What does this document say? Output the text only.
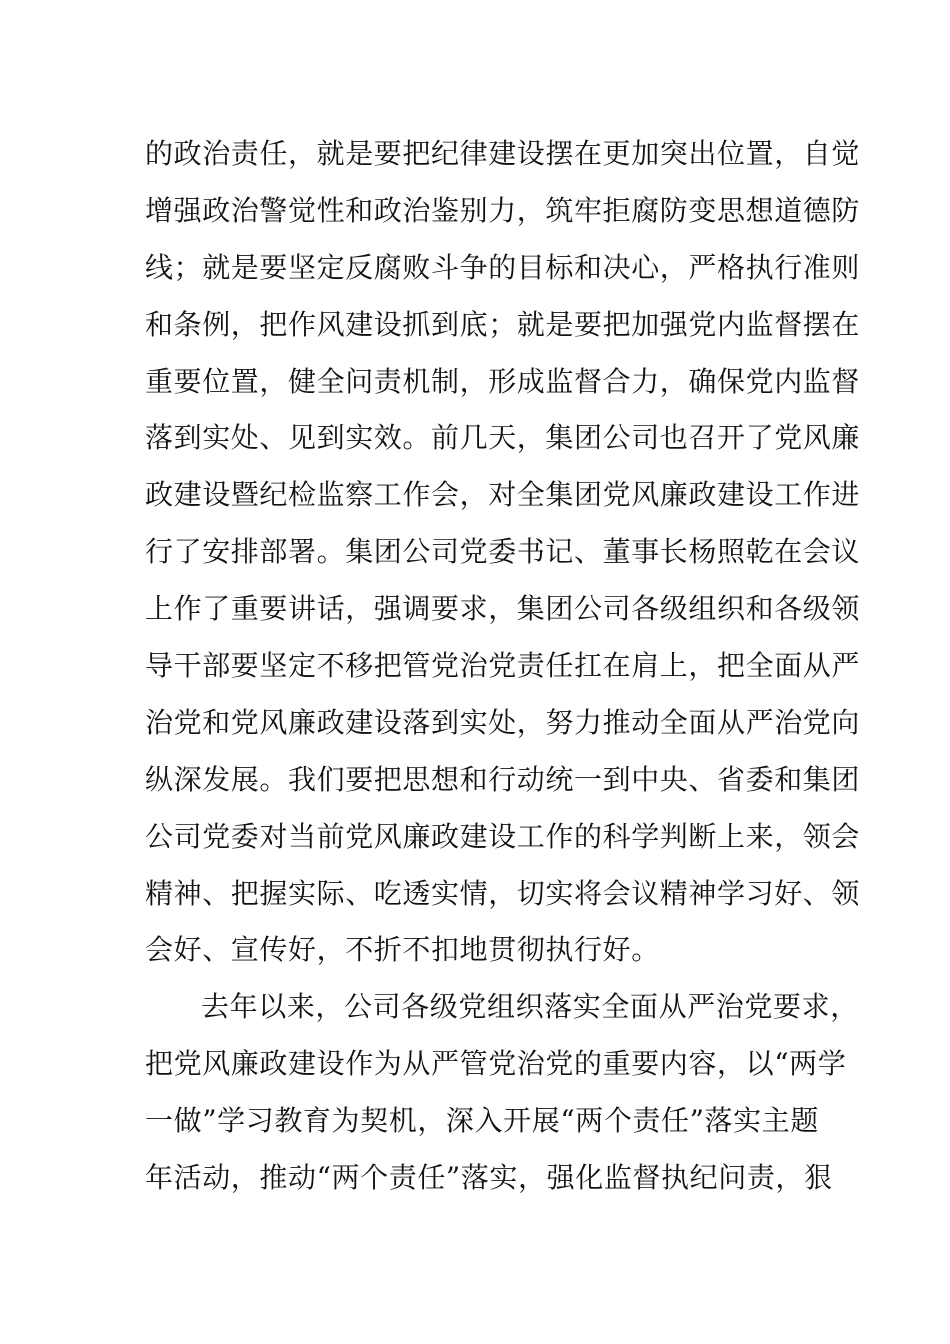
的政治责任，就是要把纪律建设摆在更加突出位置，自觉
增强政治警觉性和政治鉴别力，筑牢拒腐防变思想道德防
线；就是要坚定反腐败斗争的目标和决心，严格执行准则
和条例，把作风建设抓到底；就是要把加强党内监督摆在
重要位置，健全问责机制，形成监督合力，确保党内监督
落到实处、见到实效。前几天，集团公司也召开了党风廉
政建设暨纪检监察工作会，对全集团党风廉政建设工作进
行了安排部署。集团公司党委书记、董事长杨照乾在会议
上作了重要讲话，强调要求，集团公司各级组织和各级领
导干部要坚定不移把管党治党责任扛在肩上，把全面从严
治党和党风廉政建设落到实处，努力推动全面从严治党向
纵深发展。我们要把思想和行动统一到中央、省委和集团
公司党委对当前党风廉政建设工作的科学判断上来，领会
精神、把握实际、吃透实情，切实将会议精神学习好、领
会好、宣传好，不折不扣地贯彻执行好。
去年以来，公司各级党组织落实全面从严治党要求，
把党风廉政建设作为从严管党治党的重要内容，以“两学
一做”学习教育为契机，深入开展“两个责任”落实主题
年活动，推动“两个责任”落实，强化监督执纪问责，狠
